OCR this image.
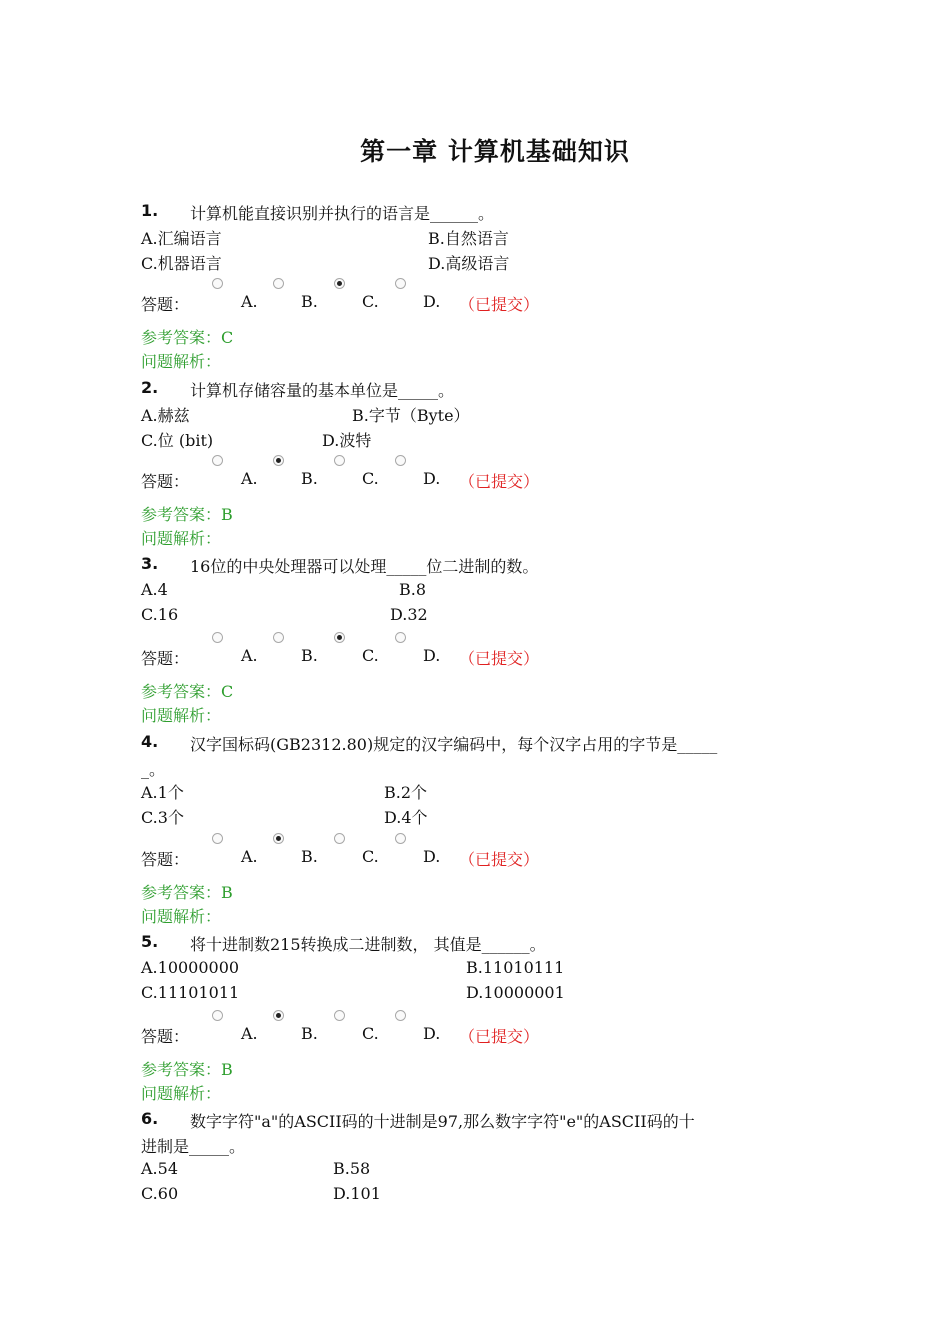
第一章 计算机基础知识
1. 计算机能直接识别并执行的语言是______。
A.汇编语言	B.自然语言
C.机器语言	D.高级语言
答题：	A.	B.	C.	D. （已提交）
参考答案：C
问题解析：
2. 计算机存储容量的基本单位是_____。
A.赫兹	B.字节（Byte）
C.位 (bit)	D.波特
答题：	A.	B.	C.	D. （已提交）
参考答案：B
问题解析：
3. 16位的中央处理器可以处理_____位二进制的数。
A.4	B.8
C.16	D.32
答题：	A.	B.	C.	D. （已提交）
参考答案：C
问题解析：
4. 汉字国标码(GB2312.80)规定的汉字编码中，每个汉字占用的字节是_____
_。
A.1个	B.2个
C.3个	D.4个
答题：	A.	B.	C.	D. （已提交）
参考答案：B
问题解析：
5. 将十进制数215转换成二进制数， 其值是______。
A.10000000	B.11010111
C.11101011	D.10000001
答题：	A.	B.	C.	D. （已提交）
参考答案：B
问题解析：
6. 数字字符"a"的ASCII码的十进制是97,那么数字字符"e"的ASCII码的十
进制是_____。
A.54	B.58
C.60	D.101
